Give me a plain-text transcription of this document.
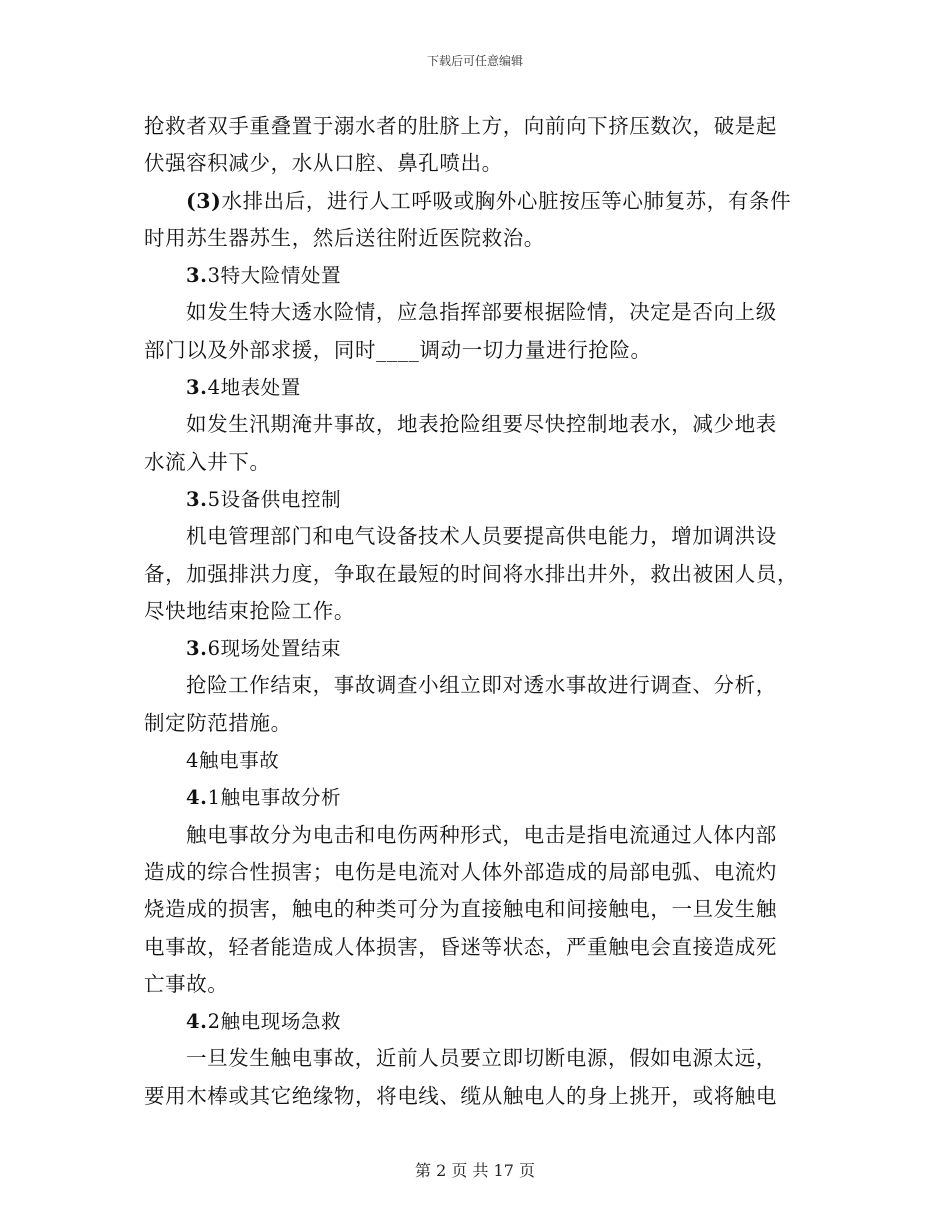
下载后可任意编辑
抢救者双手重叠置于溺水者的肚脐上方，向前向下挤压数次，破是起
伏强容积减少，水从口腔、鼻孔喷出。
(3)水排出后，进行人工呼吸或胸外心脏按压等心肺复苏，有条件
时用苏生器苏生，然后送往附近医院救治。
3.3特大险情处置
如发生特大透水险情，应急指挥部要根据险情，决定是否向上级
部门以及外部求援，同时____调动一切力量进行抢险。
3.4地表处置
如发生汛期淹井事故，地表抢险组要尽快控制地表水，减少地表
水流入井下。
3.5设备供电控制
机电管理部门和电气设备技术人员要提高供电能力，增加调洪设
备，加强排洪力度，争取在最短的时间将水排出井外，救出被困人员，
尽快地结束抢险工作。
3.6现场处置结束
抢险工作结束，事故调查小组立即对透水事故进行调查、分析，
制定防范措施。
4触电事故
4.1触电事故分析
触电事故分为电击和电伤两种形式，电击是指电流通过人体内部
造成的综合性损害；电伤是电流对人体外部造成的局部电弧、电流灼
烧造成的损害，触电的种类可分为直接触电和间接触电，一旦发生触
电事故，轻者能造成人体损害，昏迷等状态，严重触电会直接造成死
亡事故。
4.2触电现场急救
一旦发生触电事故，近前人员要立即切断电源，假如电源太远，
要用木棒或其它绝缘物，将电线、缆从触电人的身上挑开，或将触电
第 2 页 共 17 页
